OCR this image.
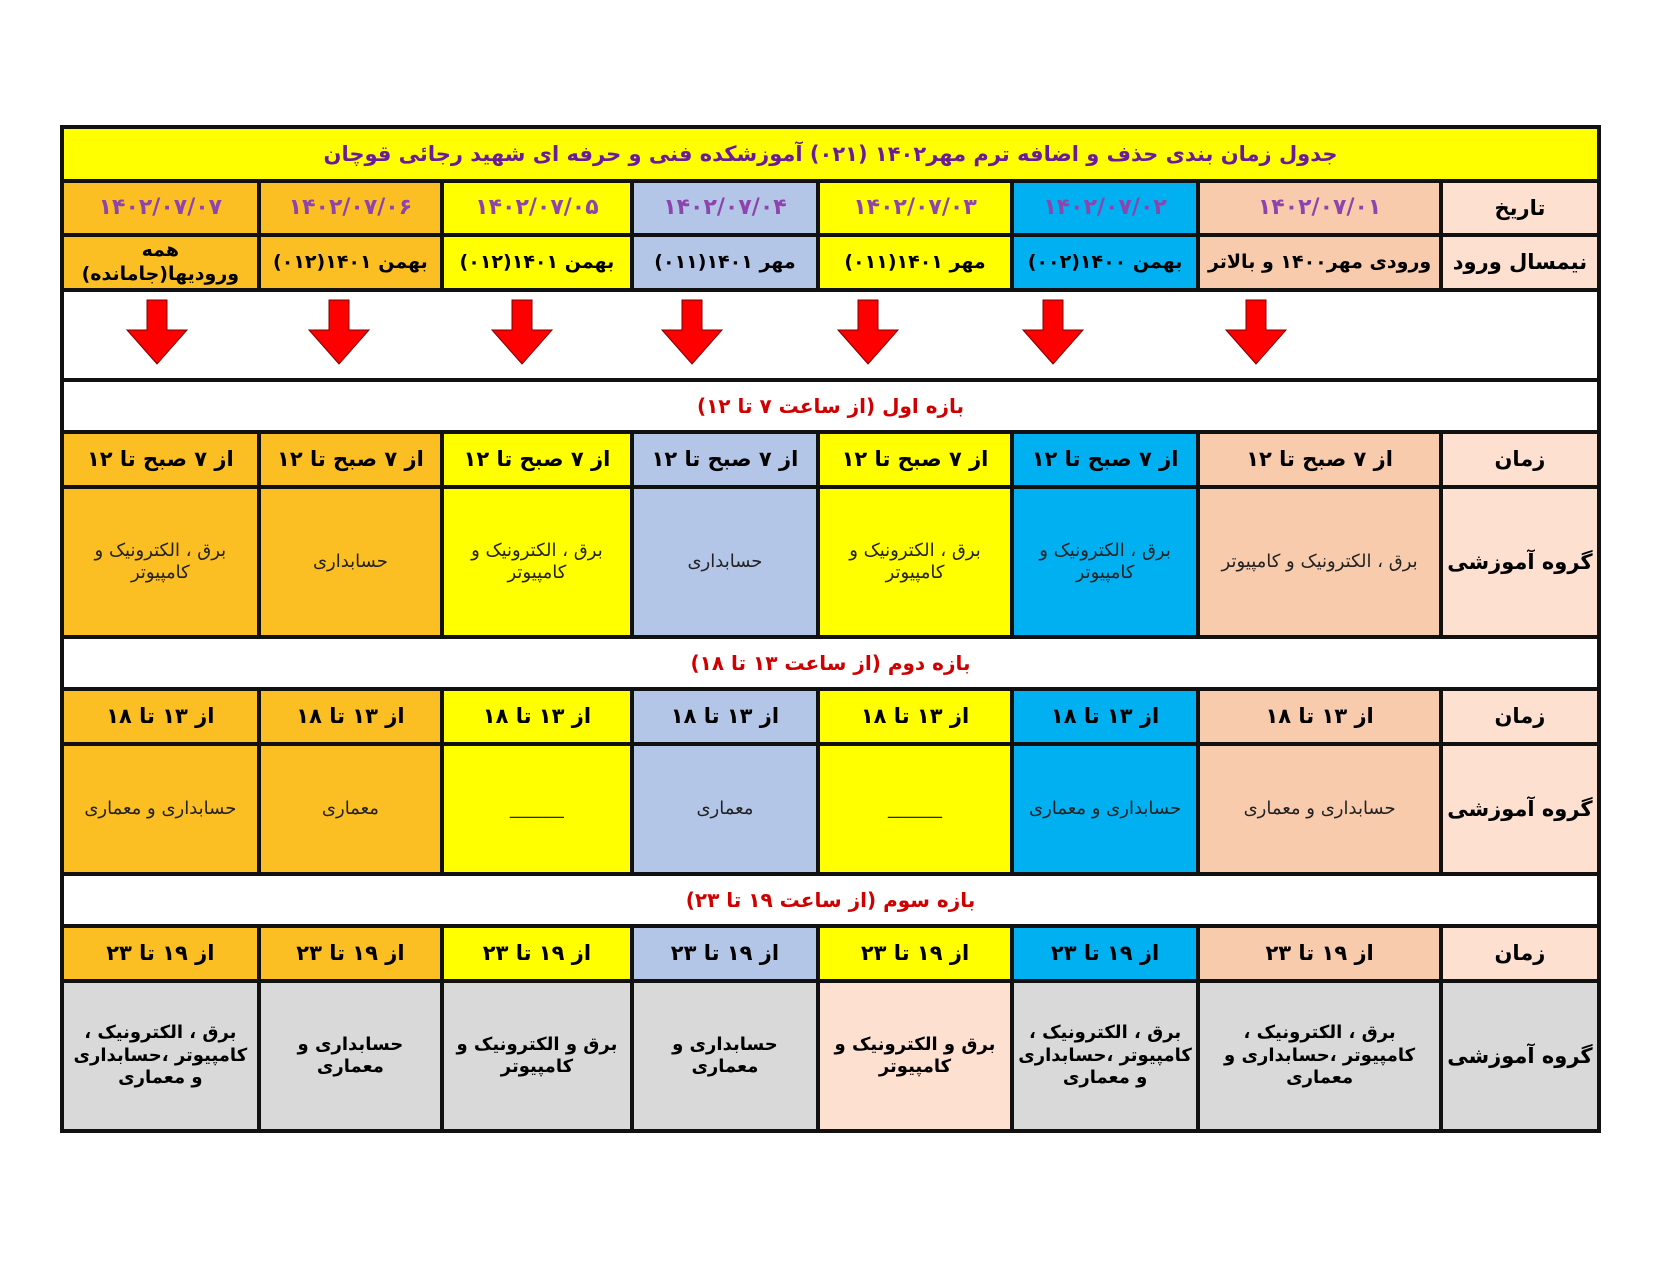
جدول زمان بندی حذف و اضافه ترم مهر۱۴۰۲ (۰۲۱) آموزشکده فنی و حرفه ای شهید رجائی قوچان							
۱۴۰۲/۰۷/۰۷	۱۴۰۲/۰۷/۰۶	۱۴۰۲/۰۷/۰۵	۱۴۰۲/۰۷/۰۴	۱۴۰۲/۰۷/۰۳	۱۴۰۲/۰۷/۰۲	۱۴۰۲/۰۷/۰۱	تاریخ
همه ورودیها(جامانده)	بهمن ۱۴۰۱(۰۱۲)	بهمن ۱۴۰۱(۰۱۲)	مهر ۱۴۰۱(۰۱۱)	مهر ۱۴۰۱(۰۱۱)	بهمن ۱۴۰۰(۰۰۲)	ورودی مهر۱۴۰۰ و بالاتر	نیمسال ورود

بازه اول (از ساعت ۷ تا ۱۲)							
از ۷ صبح تا ۱۲	از ۷ صبح تا ۱۲	از ۷ صبح تا ۱۲	از ۷ صبح تا ۱۲	از ۷ صبح تا ۱۲	از ۷ صبح تا ۱۲	از ۷ صبح تا ۱۲	زمان
برق ، الکترونیک و کامپیوتر	حسابداری	برق ، الکترونیک و کامپیوتر	حسابداری	برق ، الکترونیک و کامپیوتر	برق ، الکترونیک و کامپیوتر	برق ، الکترونیک و کامپیوتر	گروه آموزشی
بازه دوم (از ساعت ۱۳ تا ۱۸)							
از ۱۳ تا ۱۸	از ۱۳ تا ۱۸	از ۱۳ تا ۱۸	از ۱۳ تا ۱۸	از ۱۳ تا ۱۸	از ۱۳ تا ۱۸	از ۱۳ تا ۱۸	زمان
حسابداری و معماری	معماری	______	معماری	______	حسابداری و معماری	حسابداری و معماری	گروه آموزشی
بازه سوم (از ساعت ۱۹ تا ۲۳)							
از ۱۹ تا ۲۳	از ۱۹ تا ۲۳	از ۱۹ تا ۲۳	از ۱۹ تا ۲۳	از ۱۹ تا ۲۳	از ۱۹ تا ۲۳	از ۱۹ تا ۲۳	زمان
برق ، الکترونیک ، کامپیوتر ،حسابداری و معماری	حسابداری و معماری	برق و الکترونیک و کامپیوتر	حسابداری و معماری	برق و الکترونیک و کامپیوتر	برق ، الکترونیک ، کامپیوتر ،حسابداری و معماری	برق ، الکترونیک ، کامپیوتر ،حسابداری و معماری	گروه آموزشی
